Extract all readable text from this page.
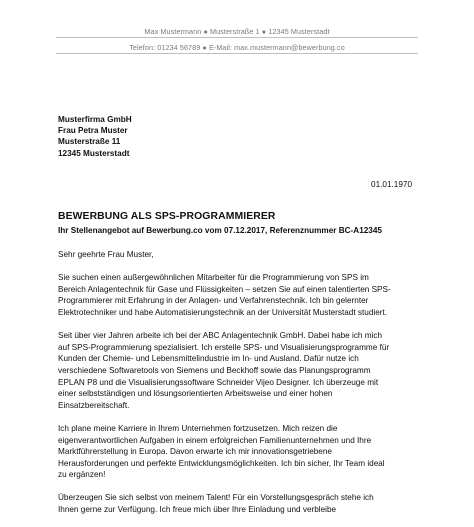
Max Mustermann ● Musterstraße 1 ● 12345 Musterstadt
Telefon: 01234 56789 ● E-Mail: max.mustermann@bewerbung.co
Musterfirma GmbH
Frau Petra Muster
Musterstraße 11
12345 Musterstadt
01.01.1970
BEWERBUNG ALS SPS-PROGRAMMIERER
Ihr Stellenangebot auf Bewerbung.co vom 07.12.2017, Referenznummer BC-A12345

Sehr geehrte Frau Muster,

Sie suchen einen außergewöhnlichen Mitarbeiter für die Programmierung von SPS im
Bereich Anlagentechnik für Gase und Flüssigkeiten – setzen Sie auf einen talentierten SPS-
Programmierer mit Erfahrung in der Anlagen- und Verfahrenstechnik. Ich bin gelernter
Elektrotechniker und habe Automatisierungstechnik an der Universität Musterstadt studiert.

Seit über vier Jahren arbeite ich bei der ABC Anlagentechnik GmbH. Dabei habe ich mich
auf SPS-Programmierung spezialisiert. Ich erstelle SPS- und Visualisierungsprogramme für
Kunden der Chemie- und Lebensmittelindustrie im In- und Ausland. Dafür nutze ich
verschiedene Softwaretools von Siemens und Beckhoff sowie das Planungsprogramm
EPLAN P8 und die Visualisierungssoftware Schneider Vijeo Designer. Ich überzeuge mit
einer selbstständigen und lösungsorientierten Arbeitsweise und einer hohen
Einsatzbereitschaft.

Ich plane meine Karriere in Ihrem Unternehmen fortzusetzen. Mich reizen die
eigenverantwortlichen Aufgaben in einem erfolgreichen Familienunternehmen und Ihre
Marktführerstellung in Europa. Davon erwarte ich mir innovationsgetriebene
Herausforderungen und perfekte Entwicklungsmöglichkeiten. Ich bin sicher, Ihr Team ideal
zu ergänzen!

Überzeugen Sie sich selbst von meinem Talent! Für ein Vorstellungsgespräch stehe ich
Ihnen gerne zur Verfügung. Ich freue mich über Ihre Einladung und verbleibe
